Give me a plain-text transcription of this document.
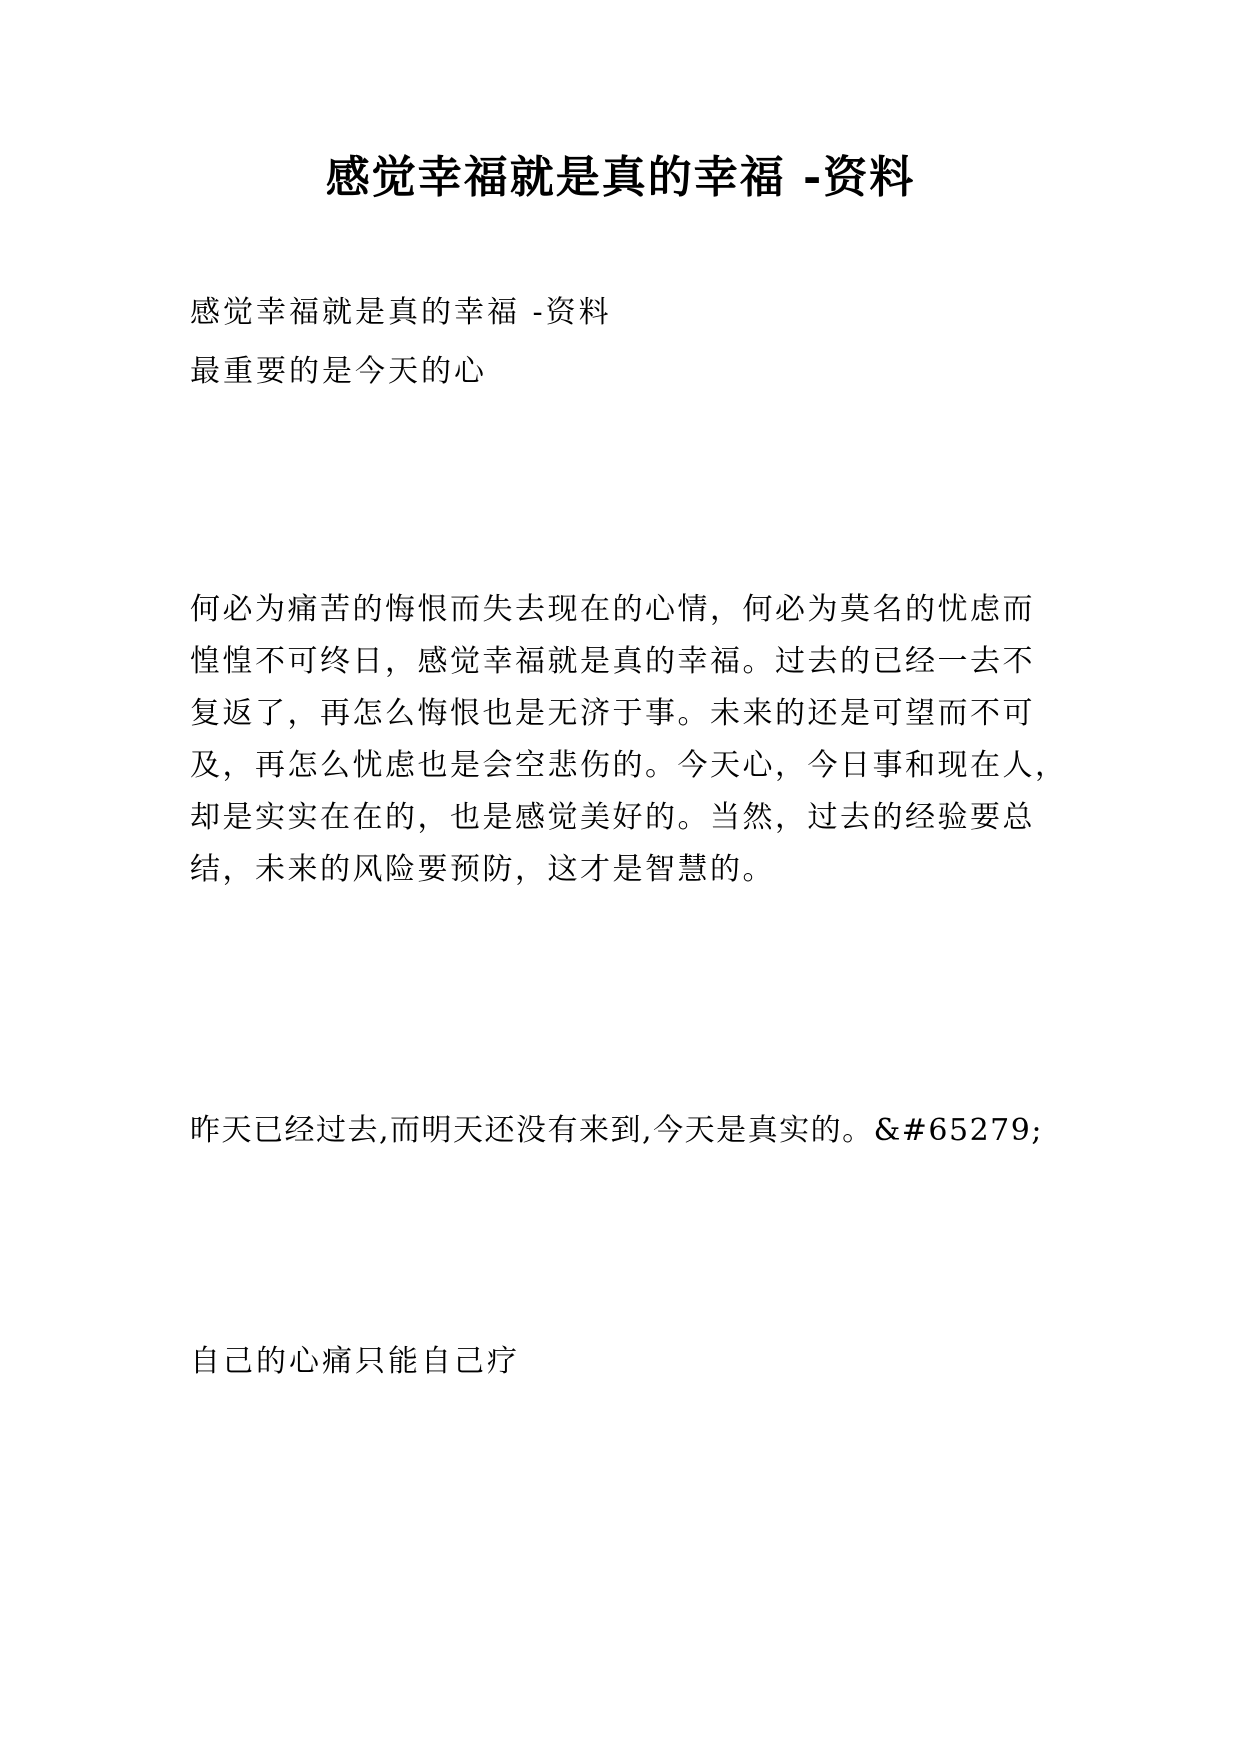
感觉幸福就是真的幸福 -资料
感觉幸福就是真的幸福 -资料
最重要的是今天的心
何必为痛苦的悔恨而失去现在的心情，何必为莫名的忧虑而
惶惶不可终日，感觉幸福就是真的幸福。过去的已经一去不
复返了，再怎么悔恨也是无济于事。未来的还是可望而不可
及，再怎么忧虑也是会空悲伤的。今天心，今日事和现在人，
却是实实在在的，也是感觉美好的。当然，过去的经验要总
结，未来的风险要预防，这才是智慧的。
昨天已经过去,而明天还没有来到,今天是真实的。&#65279;
自己的心痛只能自己疗
